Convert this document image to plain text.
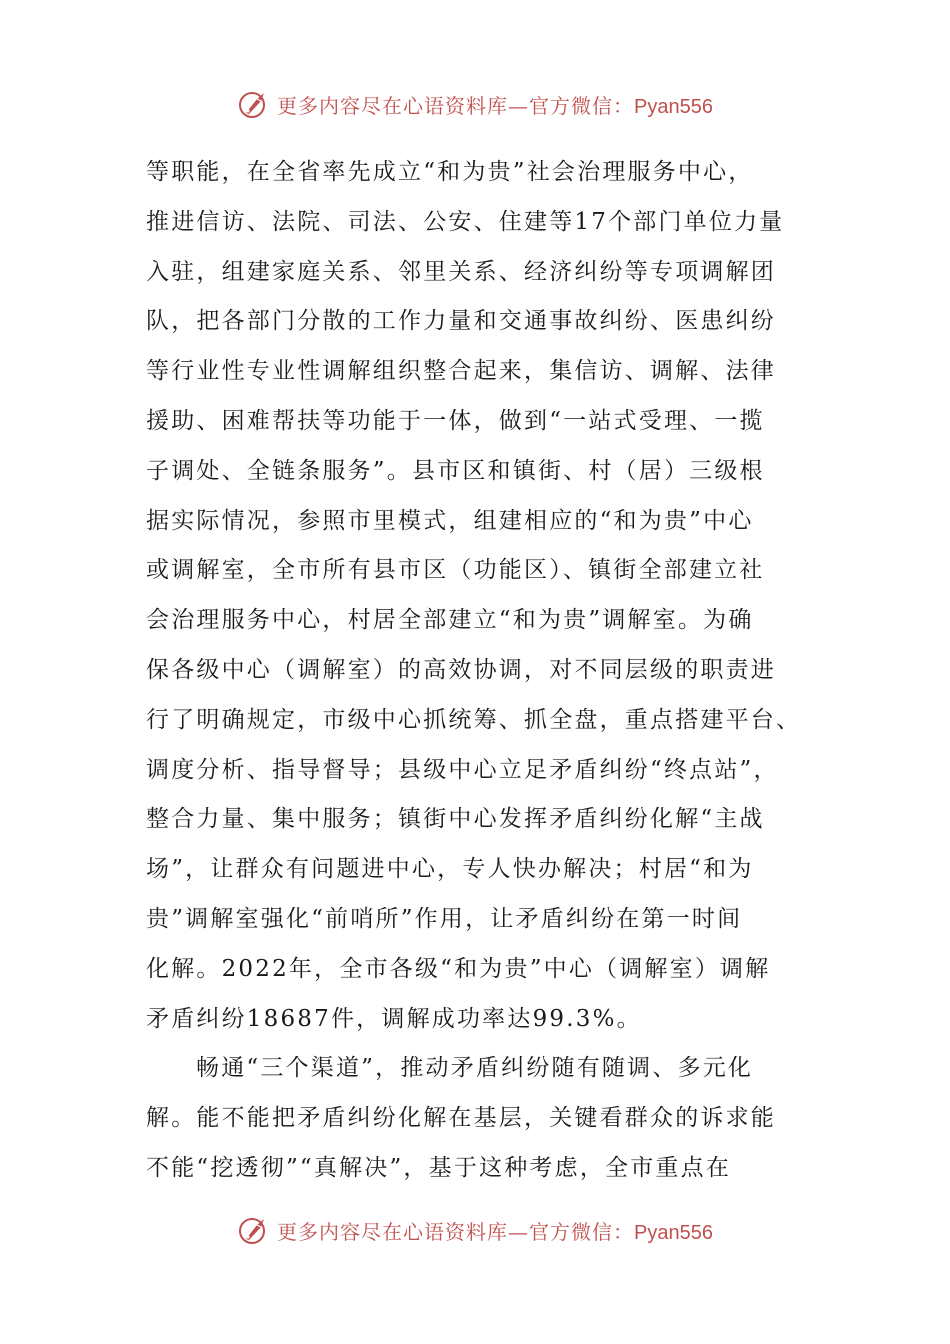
更多内容尽在心语资料库—官方微信：Pyan556
等职能，在全省率先成立“和为贵”社会治理服务中心，
推进信访、法院、司法、公安、住建等17个部门单位力量
入驻，组建家庭关系、邻里关系、经济纠纷等专项调解团
队，把各部门分散的工作力量和交通事故纠纷、医患纠纷
等行业性专业性调解组织整合起来，集信访、调解、法律
援助、困难帮扶等功能于一体，做到“一站式受理、一揽
子调处、全链条服务”。县市区和镇街、村（居）三级根
据实际情况，参照市里模式，组建相应的“和为贵”中心
或调解室，全市所有县市区（功能区）、镇街全部建立社
会治理服务中心，村居全部建立“和为贵”调解室。为确
保各级中心（调解室）的高效协调，对不同层级的职责进
行了明确规定，市级中心抓统筹、抓全盘，重点搭建平台、
调度分析、指导督导；县级中心立足矛盾纠纷“终点站”，
整合力量、集中服务；镇街中心发挥矛盾纠纷化解“主战
场”，让群众有问题进中心，专人快办解决；村居“和为
贵”调解室强化“前哨所”作用，让矛盾纠纷在第一时间
化解。2022年，全市各级“和为贵”中心（调解室）调解
矛盾纠纷18687件，调解成功率达99.3%。
畅通“三个渠道”，推动矛盾纠纷随有随调、多元化
解。能不能把矛盾纠纷化解在基层，关键看群众的诉求能
不能“挖透彻”“真解决”，基于这种考虑，全市重点在
更多内容尽在心语资料库—官方微信：Pyan556
